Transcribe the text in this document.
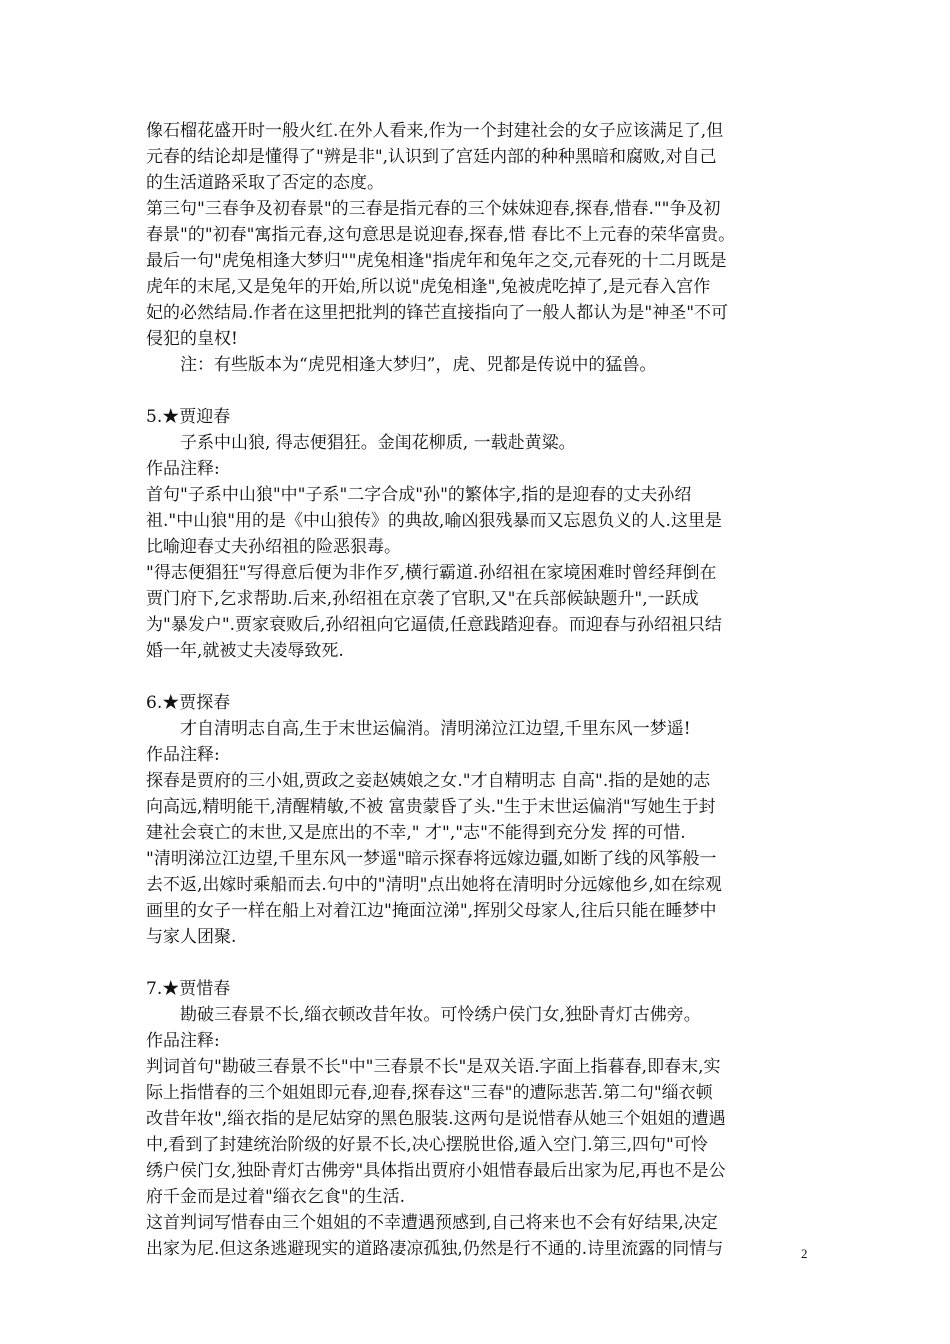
像石榴花盛开时一般火红.在外人看来,作为一个封建社会的女子应该满足了,但
元春的结论却是懂得了"辨是非",认识到了宫廷内部的种种黑暗和腐败,对自己
的生活道路采取了否定的态度。
第三句"三春争及初春景"的三春是指元春的三个妹妹迎春,探春,惜春.""争及初
春景"的"初春"寓指元春,这句意思是说迎春,探春,惜 春比不上元春的荣华富贵。
最后一句"虎兔相逢大梦归""虎兔相逢"指虎年和兔年之交,元春死的十二月既是
虎年的末尾,又是兔年的开始,所以说"虎兔相逢",兔被虎吃掉了,是元春入宫作
妃的必然结局.作者在这里把批判的锋芒直接指向了一般人都认为是"神圣"不可
侵犯的皇权!
注：有些版本为“虎兕相逢大梦归”，虎、兕都是传说中的猛兽。
5.★贾迎春
子系中山狼, 得志便猖狂。金闺花柳质, 一载赴黄粱。
作品注释:
首句"子系中山狼"中"子系"二字合成"孙"的繁体字,指的是迎春的丈夫孙绍
祖."中山狼"用的是《中山狼传》的典故,喻凶狠残暴而又忘恩负义的人.这里是
比喻迎春丈夫孙绍祖的险恶狠毒。
"得志便猖狂"写得意后便为非作歹,横行霸道.孙绍祖在家境困难时曾经拜倒在
贾门府下,乞求帮助.后来,孙绍祖在京袭了官职,又"在兵部候缺题升",一跃成
为"暴发户".贾家衰败后,孙绍祖向它逼债,任意践踏迎春。而迎春与孙绍祖只结
婚一年,就被丈夫凌辱致死.
6.★贾探春
才自清明志自高,生于末世运偏消。清明涕泣江边望,千里东风一梦遥!
作品注释:
探春是贾府的三小姐,贾政之妾赵姨娘之女."才自精明志 自高".指的是她的志
向高远,精明能干,清醒精敏,不被 富贵蒙昏了头."生于末世运偏消"写她生于封
建社会衰亡的末世,又是庶出的不幸," 才","志"不能得到充分发 挥的可惜.
"清明涕泣江边望,千里东风一梦遥"暗示探春将远嫁边疆,如断了线的风筝般一
去不返,出嫁时乘船而去.句中的"清明"点出她将在清明时分远嫁他乡,如在综观
画里的女子一样在船上对着江边"掩面泣涕",挥别父母家人,往后只能在睡梦中
与家人团聚.
7.★贾惜春
勘破三春景不长,缁衣顿改昔年妆。可怜绣户侯门女,独卧青灯古佛旁。
作品注释:
判词首句"勘破三春景不长"中"三春景不长"是双关语.字面上指暮春,即春末,实
际上指惜春的三个姐姐即元春,迎春,探春这"三春"的遭际悲苦.第二句"缁衣顿
改昔年妆",缁衣指的是尼姑穿的黑色服装.这两句是说惜春从她三个姐姐的遭遇
中,看到了封建统治阶级的好景不长,决心摆脱世俗,遁入空门.第三,四句"可怜
绣户侯门女,独卧青灯古佛旁"具体指出贾府小姐惜春最后出家为尼,再也不是公
府千金而是过着"缁衣乞食"的生活.
这首判词写惜春由三个姐姐的不幸遭遇预感到,自己将来也不会有好结果,决定
出家为尼.但这条逃避现实的道路凄凉孤独,仍然是行不通的.诗里流露的同情与	2
